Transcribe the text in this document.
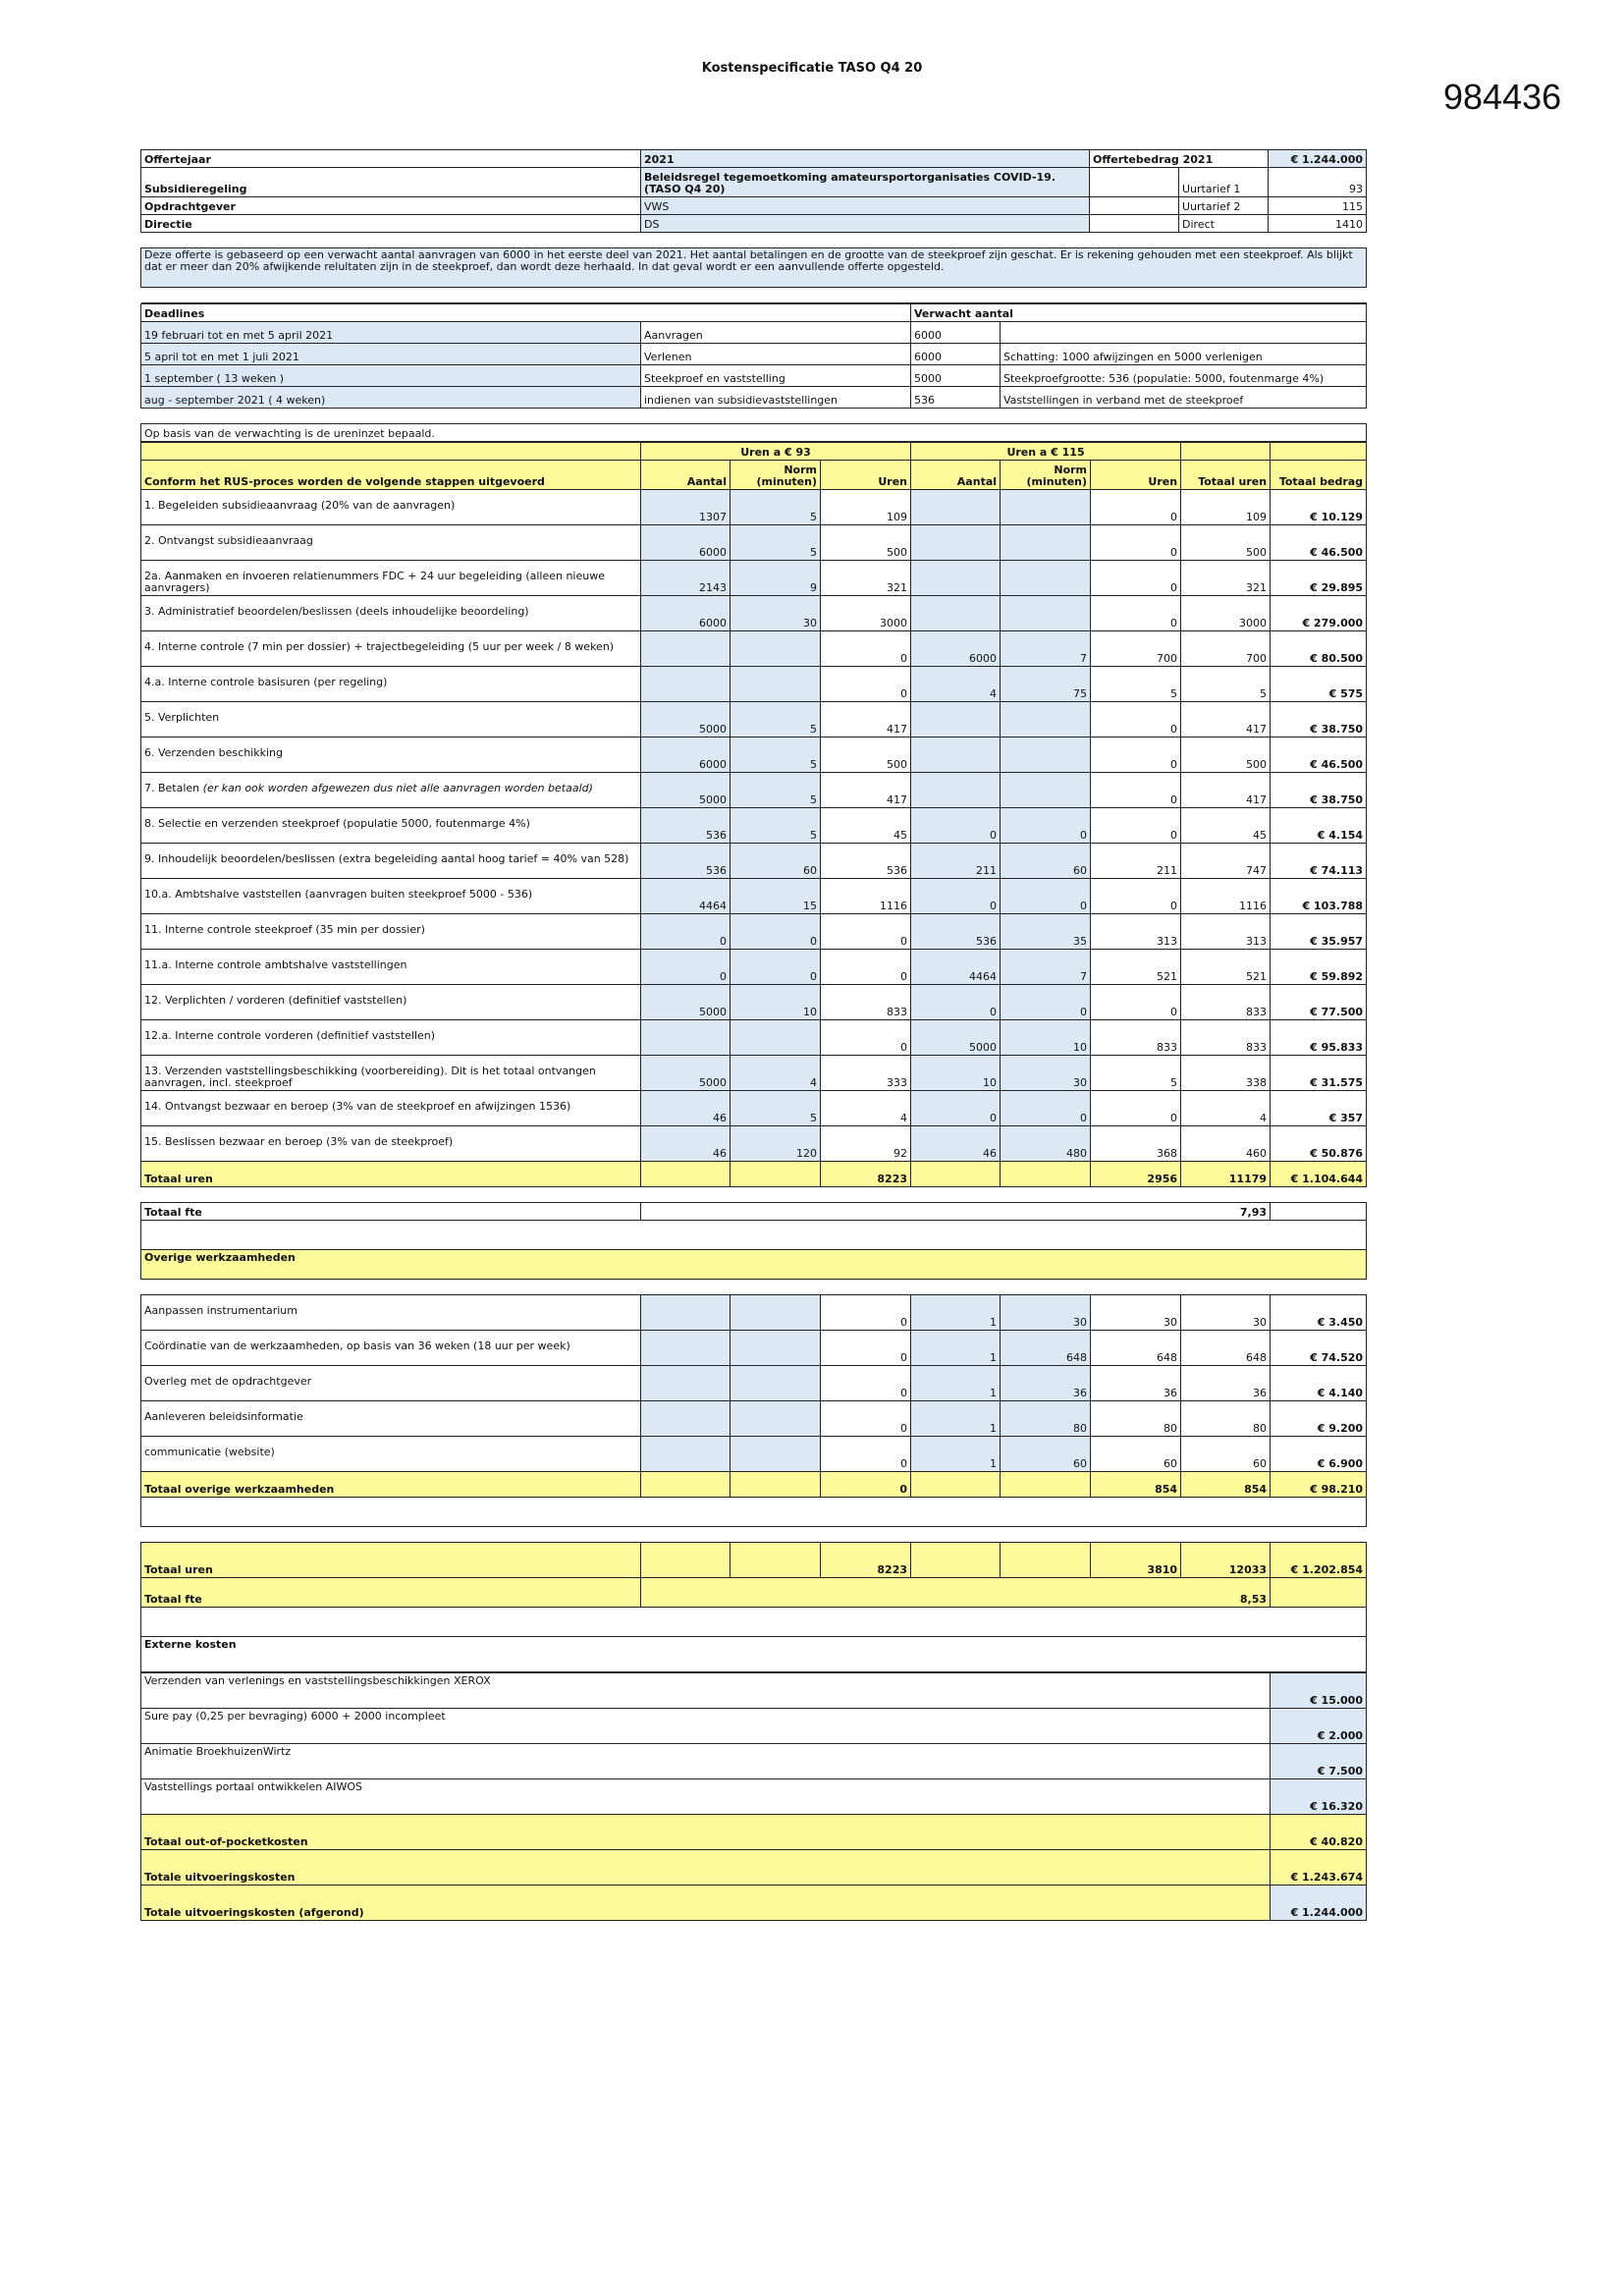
Kostenspecificatie TASO Q4 20
984436
Offertejaar	2021	Offertebedrag 2021		€ 1.244.000
Subsidieregeling	Beleidsregel tegemoetkoming amateursportorganisaties COVID-19. (TASO Q4 20)		Uurtarief 1	93
Opdrachtgever	VWS		Uurtarief 2	115
Directie	DS		Direct	1410

Deze offerte is gebaseerd op een verwacht aantal aanvragen van 6000 in het eerste deel van 2021. Het aantal betalingen en de grootte van de steekproef zijn geschat. Er is rekening gehouden met een steekproef. Als blijkt dat er meer dan 20% afwijkende relultaten zijn in de steekproef, dan wordt deze herhaald. In dat geval wordt er een aanvullende offerte opgesteld.				

Deadlines		Verwacht aantal	
19 februari tot en met 5 april 2021	Aanvragen	6000	
5 april tot en met 1 juli 2021	Verlenen	6000	Schatting: 1000 afwijzingen en 5000 verlenigen
1 september ( 13 weken )	Steekproef en vaststelling	5000	Steekproefgrootte: 536 (populatie: 5000, foutenmarge 4%)
aug - september 2021 ( 4 weken)	indienen van subsidievaststellingen	536	Vaststellingen in verband met de steekproef

Op basis van de verwachting is de ureninzet bepaald.			
	Uren a € 93			Uren a € 115				
Conform het RUS-proces worden de volgende stappen uitgevoerd	Aantal	Norm (minuten)	Uren	Aantal	Norm (minuten)	Uren	Totaal uren	Totaal bedrag
1. Begeleiden subsidieaanvraag (20% van de aanvragen)	1307	5	109			0	109	€ 10.129
2. Ontvangst subsidieaanvraag	6000	5	500			0	500	€ 46.500
2a. Aanmaken en invoeren relatienummers FDC + 24 uur begeleiding (alleen nieuwe aanvragers)	2143	9	321			0	321	€ 29.895
3. Administratief beoordelen/beslissen (deels inhoudelijke beoordeling)	6000	30	3000			0	3000	€ 279.000
4. Interne controle (7 min per dossier) + trajectbegeleiding (5 uur per week / 8 weken)			0	6000	7	700	700	€ 80.500
4.a. Interne controle basisuren (per regeling)			0	4	75	5	5	€ 575
5. Verplichten	5000	5	417			0	417	€ 38.750
6. Verzenden beschikking	6000	5	500			0	500	€ 46.500
7. Betalen (er kan ook worden afgewezen dus niet alle aanvragen worden betaald)	5000	5	417			0	417	€ 38.750
8. Selectie en verzenden steekproef (populatie 5000, foutenmarge 4%)	536	5	45	0	0	0	45	€ 4.154
9. Inhoudelijk beoordelen/beslissen (extra begeleiding aantal hoog tarief = 40% van 528)	536	60	536	211	60	211	747	€ 74.113
10.a. Ambtshalve vaststellen (aanvragen buiten steekproef 5000 - 536)	4464	15	1116	0	0	0	1116	€ 103.788
11. Interne controle steekproef (35 min per dossier)	0	0	0	536	35	313	313	€ 35.957
11.a. Interne controle ambtshalve vaststellingen	0	0	0	4464	7	521	521	€ 59.892
12. Verplichten / vorderen (definitief vaststellen)	5000	10	833	0	0	0	833	€ 77.500
12.a. Interne controle vorderen (definitief vaststellen)			0	5000	10	833	833	€ 95.833
13. Verzenden vaststellingsbeschikking (voorbereiding). Dit is het totaal ontvangen aanvragen, incl. steekproef	5000	4	333	10	30	5	338	€ 31.575
14. Ontvangst bezwaar en beroep (3% van de steekproef en afwijzingen 1536)	46	5	4	0	0	0	4	€ 357
15. Beslissen bezwaar en beroep (3% van de steekproef)	46	120	92	46	480	368	460	€ 50.876
Totaal uren			8223			2956	11179	€ 1.104.644

Totaal fte							7,93	

Overige werkzaamheden								

Aanpassen instrumentarium			0	1	30	30	30	€ 3.450
Coördinatie van de werkzaamheden, op basis van 36 weken (18 uur per week)			0	1	648	648	648	€ 74.520
Overleg met de opdrachtgever			0	1	36	36	36	€ 4.140
Aanleveren beleidsinformatie			0	1	80	80	80	€ 9.200
communicatie (website)			0	1	60	60	60	€ 6.900
Totaal overige werkzaamheden			0			854	854	€ 98.210

Totaal uren			8223			3810	12033	€ 1.202.854
Totaal fte							8,53	

Externe kosten								
Verzenden van verlenings en vaststellingsbeschikkingen XEROX	€ 15.000
Sure pay (0,25 per bevraging) 6000 + 2000 incompleet	€ 2.000
Animatie BroekhuizenWirtz	€ 7.500
Vaststellings portaal ontwikkelen AIWOS	€ 16.320
Totaal out-of-pocketkosten	€ 40.820
Totale uitvoeringskosten	€ 1.243.674
Totale uitvoeringskosten (afgerond)	€ 1.244.000
